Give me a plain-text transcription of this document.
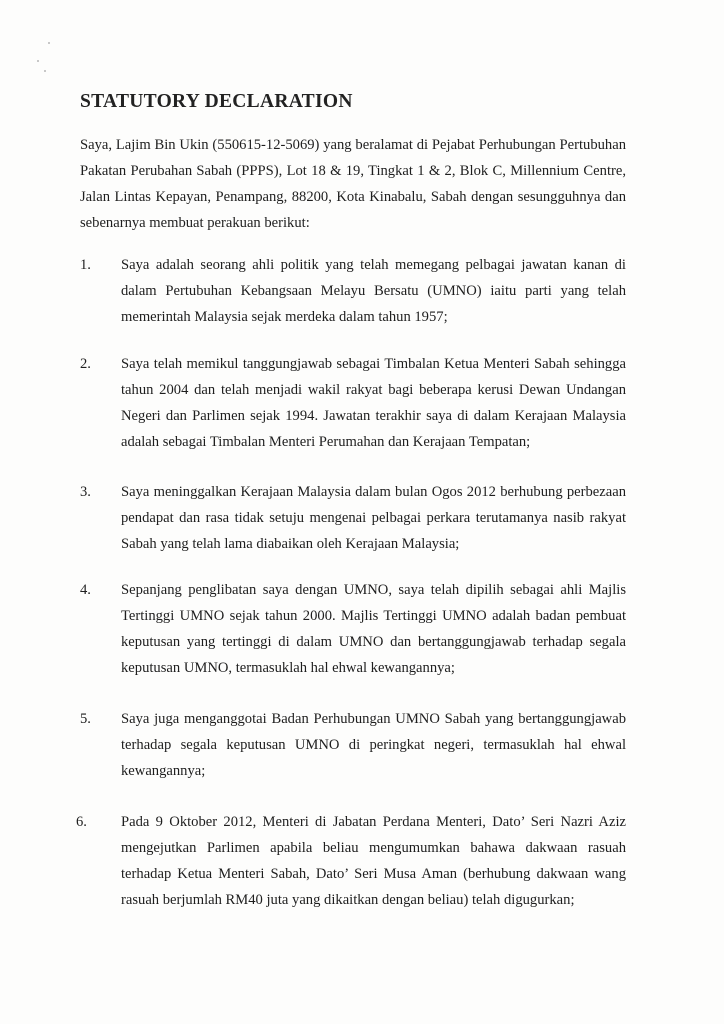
STATUTORY DECLARATION

Saya, Lajim Bin Ukin (550615-12-5069) yang beralamat di Pejabat Perhubungan Pertubuhan Pakatan Perubahan Sabah (PPPS), Lot 18 & 19, Tingkat 1 & 2, Blok C, Millennium Centre, Jalan Lintas Kepayan, Penampang, 88200, Kota Kinabalu, Sabah dengan sesungguhnya dan sebenarnya membuat perakuan berikut:

1. Saya adalah seorang ahli politik yang telah memegang pelbagai jawatan kanan di dalam Pertubuhan Kebangsaan Melayu Bersatu (UMNO) iaitu parti yang telah memerintah Malaysia sejak merdeka dalam tahun 1957;

2. Saya telah memikul tanggungjawab sebagai Timbalan Ketua Menteri Sabah sehingga tahun 2004 dan telah menjadi wakil rakyat bagi beberapa kerusi Dewan Undangan Negeri dan Parlimen sejak 1994. Jawatan terakhir saya di dalam Kerajaan Malaysia adalah sebagai Timbalan Menteri Perumahan dan Kerajaan Tempatan;

3. Saya meninggalkan Kerajaan Malaysia dalam bulan Ogos 2012 berhubung perbezaan pendapat dan rasa tidak setuju mengenai pelbagai perkara terutamanya nasib rakyat Sabah yang telah lama diabaikan oleh Kerajaan Malaysia;

4. Sepanjang penglibatan saya dengan UMNO, saya telah dipilih sebagai ahli Majlis Tertinggi UMNO sejak tahun 2000. Majlis Tertinggi UMNO adalah badan pembuat keputusan yang tertinggi di dalam UMNO dan bertanggungjawab terhadap segala keputusan UMNO, termasuklah hal ehwal kewangannya;

5. Saya juga menganggotai Badan Perhubungan UMNO Sabah yang bertanggungjawab terhadap segala keputusan UMNO di peringkat negeri, termasuklah hal ehwal kewangannya;

6. Pada 9 Oktober 2012, Menteri di Jabatan Perdana Menteri, Dato’ Seri Nazri Aziz mengejutkan Parlimen apabila beliau mengumumkan bahawa dakwaan rasuah terhadap Ketua Menteri Sabah, Dato’ Seri Musa Aman (berhubung dakwaan wang rasuah berjumlah RM40 juta yang dikaitkan dengan beliau) telah digugurkan;
